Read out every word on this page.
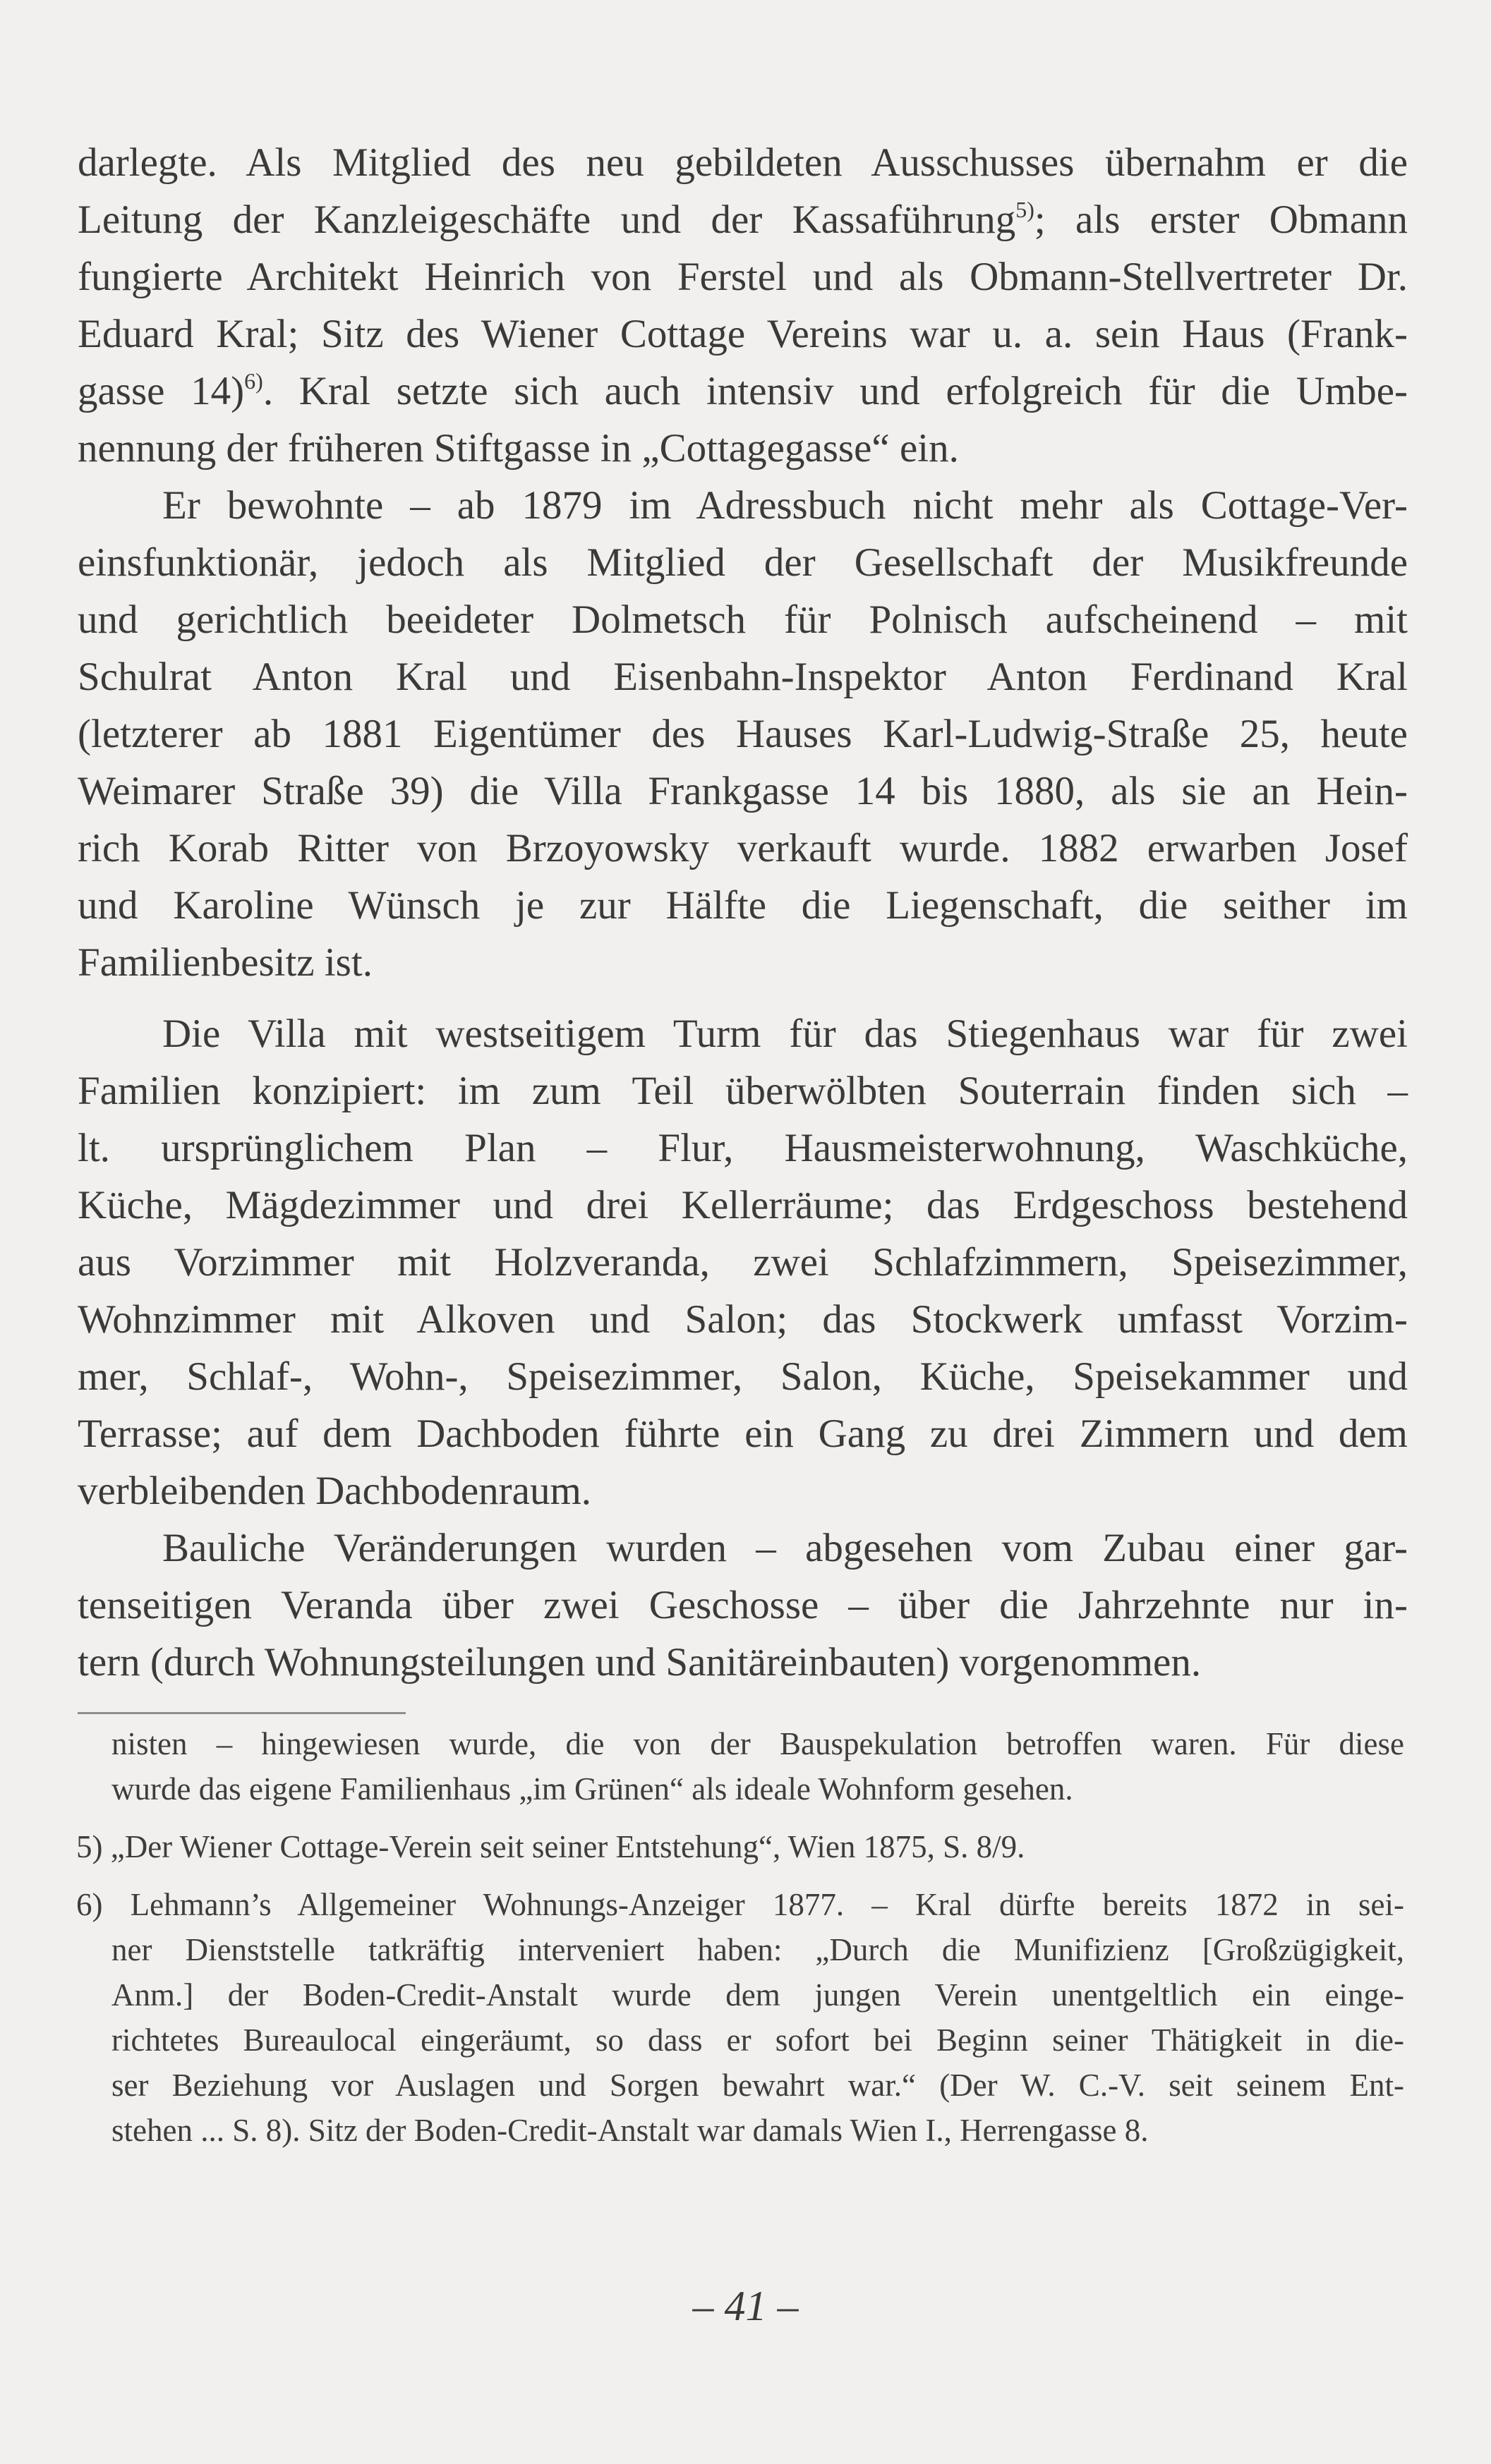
darlegte. Als Mitglied des neu gebildeten Ausschusses übernahm er die
Leitung der Kanzleigeschäfte und der Kassaführung$^{5)}$; als erster Obmann
fungierte Architekt Heinrich von Ferstel und als Obmann-Stellvertreter Dr.
Eduard Kral; Sitz des Wiener Cottage Vereins war u. a. sein Haus (Frank-
gasse 14)$^{6)}$. Kral setzte sich auch intensiv und erfolgreich für die Umbe-
nennung der früheren Stiftgasse in „Cottagegasse“ ein.
Er bewohnte – ab 1879 im Adressbuch nicht mehr als Cottage-Ver-
einsfunktionär, jedoch als Mitglied der Gesellschaft der Musikfreunde
und gerichtlich beeideter Dolmetsch für Polnisch aufscheinend – mit
Schulrat Anton Kral und Eisenbahn-Inspektor Anton Ferdinand Kral
(letzterer ab 1881 Eigentümer des Hauses Karl-Ludwig-Straße 25, heute
Weimarer Straße 39) die Villa Frankgasse 14 bis 1880, als sie an Hein-
rich Korab Ritter von Brzoyowsky verkauft wurde. 1882 erwarben Josef
und Karoline Wünsch je zur Hälfte die Liegenschaft, die seither im
Familienbesitz ist.
Die Villa mit westseitigem Turm für das Stiegenhaus war für zwei
Familien konzipiert: im zum Teil überwölbten Souterrain finden sich –
lt. ursprünglichem Plan – Flur, Hausmeisterwohnung, Waschküche,
Küche, Mägdezimmer und drei Kellerräume; das Erdgeschoss bestehend
aus Vorzimmer mit Holzveranda, zwei Schlafzimmern, Speisezimmer,
Wohnzimmer mit Alkoven und Salon; das Stockwerk umfasst Vorzim-
mer, Schlaf-, Wohn-, Speisezimmer, Salon, Küche, Speisekammer und
Terrasse; auf dem Dachboden führte ein Gang zu drei Zimmern und dem
verbleibenden Dachbodenraum.
Bauliche Veränderungen wurden – abgesehen vom Zubau einer gar-
tenseitigen Veranda über zwei Geschosse – über die Jahrzehnte nur in-
tern (durch Wohnungsteilungen und Sanitäreinbauten) vorgenommen.
nisten – hingewiesen wurde, die von der Bauspekulation betroffen waren. Für diese
wurde das eigene Familienhaus „im Grünen“ als ideale Wohnform gesehen.
5) „Der Wiener Cottage-Verein seit seiner Entstehung“, Wien 1875, S. 8/9.
6) Lehmann’s Allgemeiner Wohnungs-Anzeiger 1877. – Kral dürfte bereits 1872 in sei-
ner Dienststelle tatkräftig interveniert haben: „Durch die Munifizienz [Großzügigkeit,
Anm.] der Boden-Credit-Anstalt wurde dem jungen Verein unentgeltlich ein einge-
richtetes Bureaulocal eingeräumt, so dass er sofort bei Beginn seiner Thätigkeit in die-
ser Beziehung vor Auslagen und Sorgen bewahrt war.“ (Der W. C.-V. seit seinem Ent-
stehen ... S. 8). Sitz der Boden-Credit-Anstalt war damals Wien I., Herrengasse 8.
– 41 –
